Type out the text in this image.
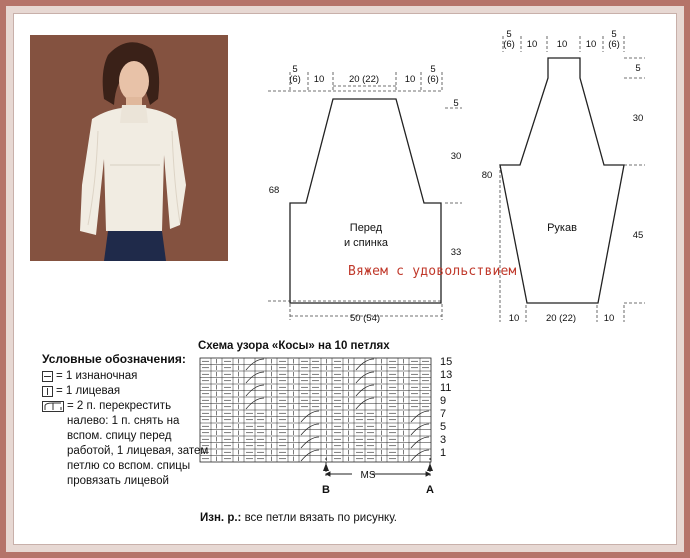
5
(6) 10	20 (22)	10
5
(6)
5
30
33
68
50 (54)
Перед
и спинка
Рукав
5
(6) 10 10 10
5
(6)
5
30
45
80
10	20 (22)	10
MS
B	A
15
13
11
9
7
5
3
1
Вяжем с удовольствием
Схема узора «Косы» на 10 петлях
Условные обозначения:
= 1 изнаночная
= 1 лицевая
= 2 п. перекрестить налево: 1 п. снять на вспом. спицу перед работой, 1 лицевая, затем петлю со вспом. спицы провязать лицевой
Изн. р.: все петли вязать по рисунку.
